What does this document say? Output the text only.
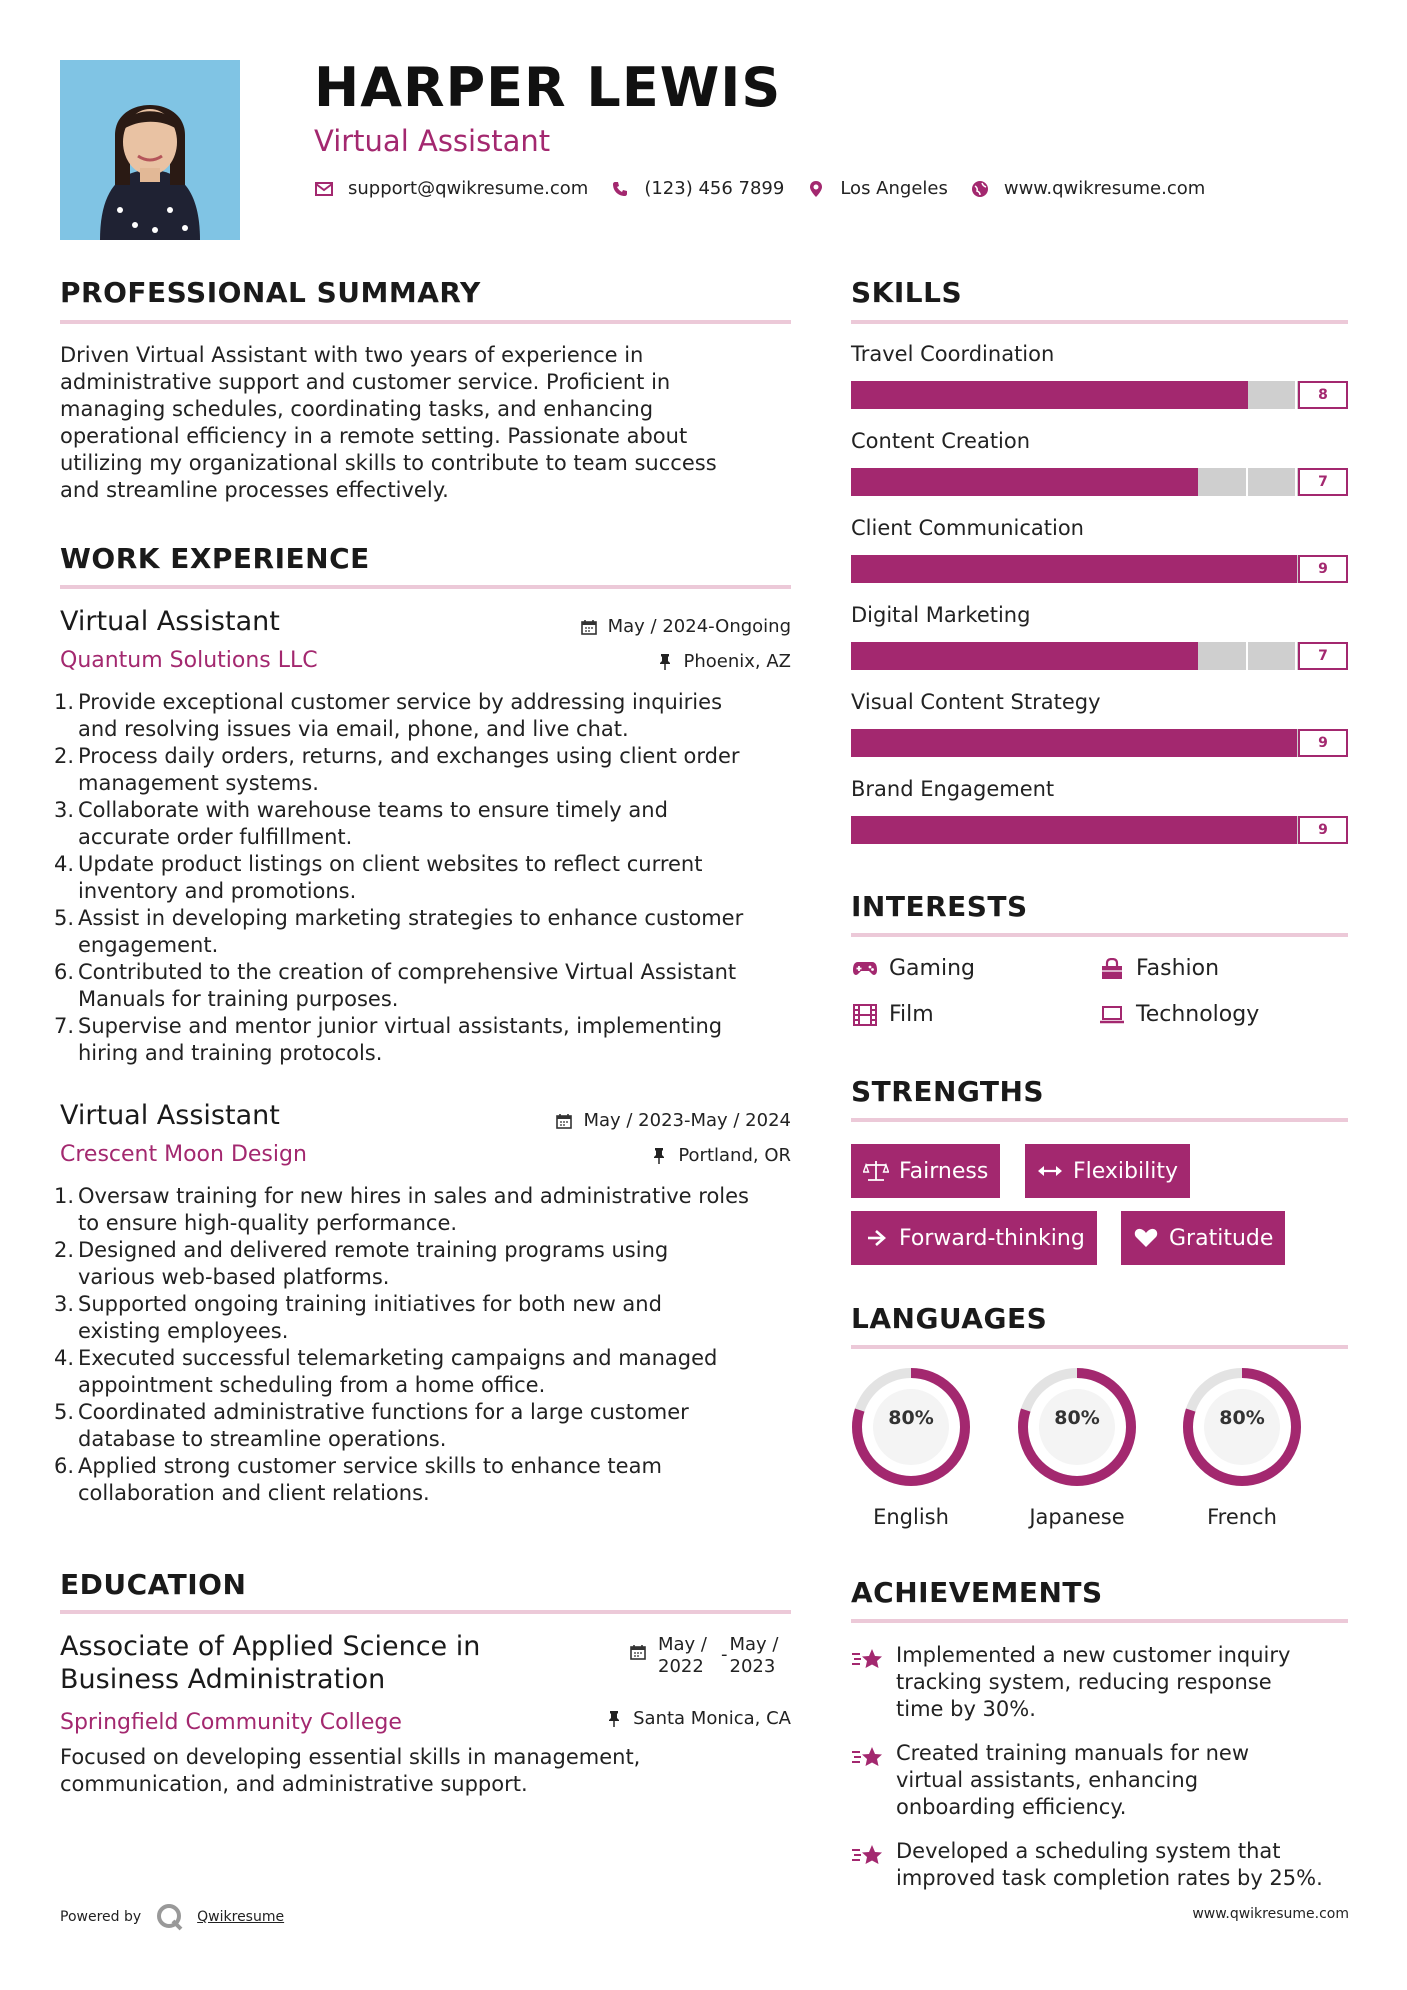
HARPER LEWIS
Virtual Assistant
support@qwikresume.com	(123) 456 7899	Los Angeles	www.qwikresume.com
PROFESSIONAL SUMMARY
Driven Virtual Assistant with two years of experience in
administrative support and customer service. Proficient in
managing schedules, coordinating tasks, and enhancing
operational efficiency in a remote setting. Passionate about
utilizing my organizational skills to contribute to team success
and streamline processes effectively.
WORK EXPERIENCE
Virtual Assistant	May / 2024-Ongoing
Quantum Solutions LLC	Phoenix, AZ
1. Provide exceptional customer service by addressing inquiries
and resolving issues via email, phone, and live chat.
2. Process daily orders, returns, and exchanges using client order
management systems.
3. Collaborate with warehouse teams to ensure timely and
accurate order fulfillment.
4. Update product listings on client websites to reflect current
inventory and promotions.
5. Assist in developing marketing strategies to enhance customer
engagement.
6. Contributed to the creation of comprehensive Virtual Assistant
Manuals for training purposes.
7. Supervise and mentor junior virtual assistants, implementing
hiring and training protocols.
Virtual Assistant	May / 2023-May / 2024
Crescent Moon Design	Portland, OR
1. Oversaw training for new hires in sales and administrative roles
to ensure high-quality performance.
2. Designed and delivered remote training programs using
various web-based platforms.
3. Supported ongoing training initiatives for both new and
existing employees.
4. Executed successful telemarketing campaigns and managed
appointment scheduling from a home office.
5. Coordinated administrative functions for a large customer
database to streamline operations.
6. Applied strong customer service skills to enhance team
collaboration and client relations.
EDUCATION
Associate of Applied Science in
Business Administration
May /
2022
- May /
2023
Springfield Community College	Santa Monica, CA
Focused on developing essential skills in management,
communication, and administrative support.
SKILLS
Travel Coordination
8
Content Creation
7
Client Communication
9
Digital Marketing
7
Visual Content Strategy
9
Brand Engagement
9
INTERESTS
Gaming	Fashion
Film	Technology
STRENGTHS
Fairness	Flexibility
Forward-thinking	Gratitude
LANGUAGES
80%
English
80%
Japanese
80%
French
ACHIEVEMENTS
Implemented a new customer inquiry
tracking system, reducing response
time by 30%.
Created training manuals for new
virtual assistants, enhancing
onboarding efficiency.
Developed a scheduling system that
improved task completion rates by 25%.
Powered by	Qwikresume	www.qwikresume.com
